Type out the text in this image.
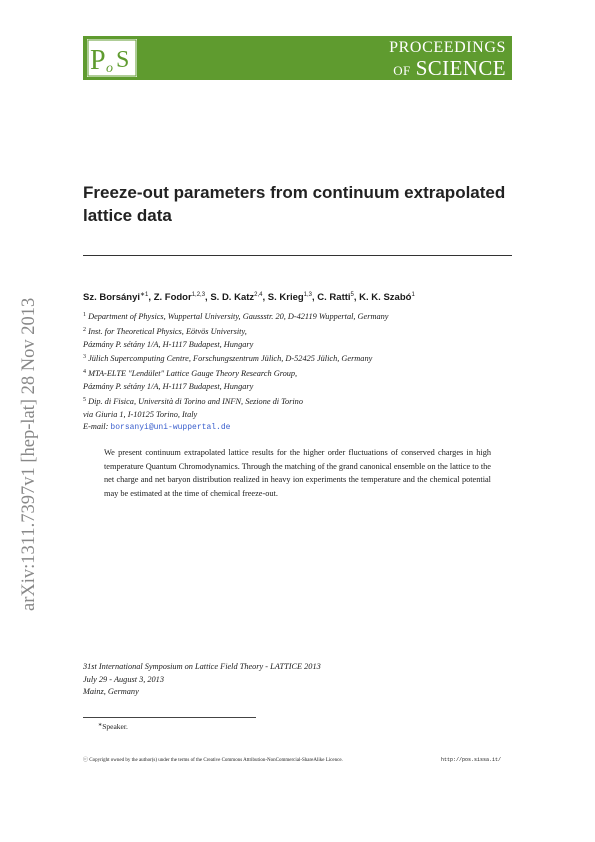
P o S	PROCEEDINGS
OF SCIENCE
arXiv:1311.7397v1 [hep-lat] 28 Nov 2013
Freeze-out parameters from continuum extrapolated lattice data
Sz. Borsányi$^{∗1}$, Z. Fodor$^{1,2,3}$, S. D. Katz$^{2,4}$, S. Krieg$^{1,3}$, C. Ratti$^5$, K. K. Szabó$^1$
$^1$ Department of Physics, Wuppertal University, Gaussstr. 20, D-42119 Wuppertal, Germany
$^2$ Inst. for Theoretical Physics, Eötvös University,
Pázmány P. sétány 1/A, H-1117 Budapest, Hungary
$^3$ Jülich Supercomputing Centre, Forschungszentrum Jülich, D-52425 Jülich, Germany
$^4$ MTA-ELTE "Lendület" Lattice Gauge Theory Research Group,
Pázmány P. sétány 1/A, H-1117 Budapest, Hungary
$^5$ Dip. di Fisica, Università di Torino and INFN, Sezione di Torino
via Giuria 1, I-10125 Torino, Italy
E-mail: borsanyi@uni-wuppertal.de
We present continuum extrapolated lattice results for the higher order fluctuations of conserved charges in high temperature Quantum Chromodynamics. Through the matching of the grand canonical ensemble on the lattice to the net charge and net baryon distribution realized in heavy ion experiments the temperature and the chemical potential may be estimated at the time of chemical freeze-out.
31st International Symposium on Lattice Field Theory - LATTICE 2013
July 29 - August 3, 2013
Mainz, Germany
∗Speaker.
ⓒ Copyright owned by the author(s) under the terms of the Creative Commons Attribution-NonCommercial-ShareAlike Licence.	http://pos.sissa.it/
